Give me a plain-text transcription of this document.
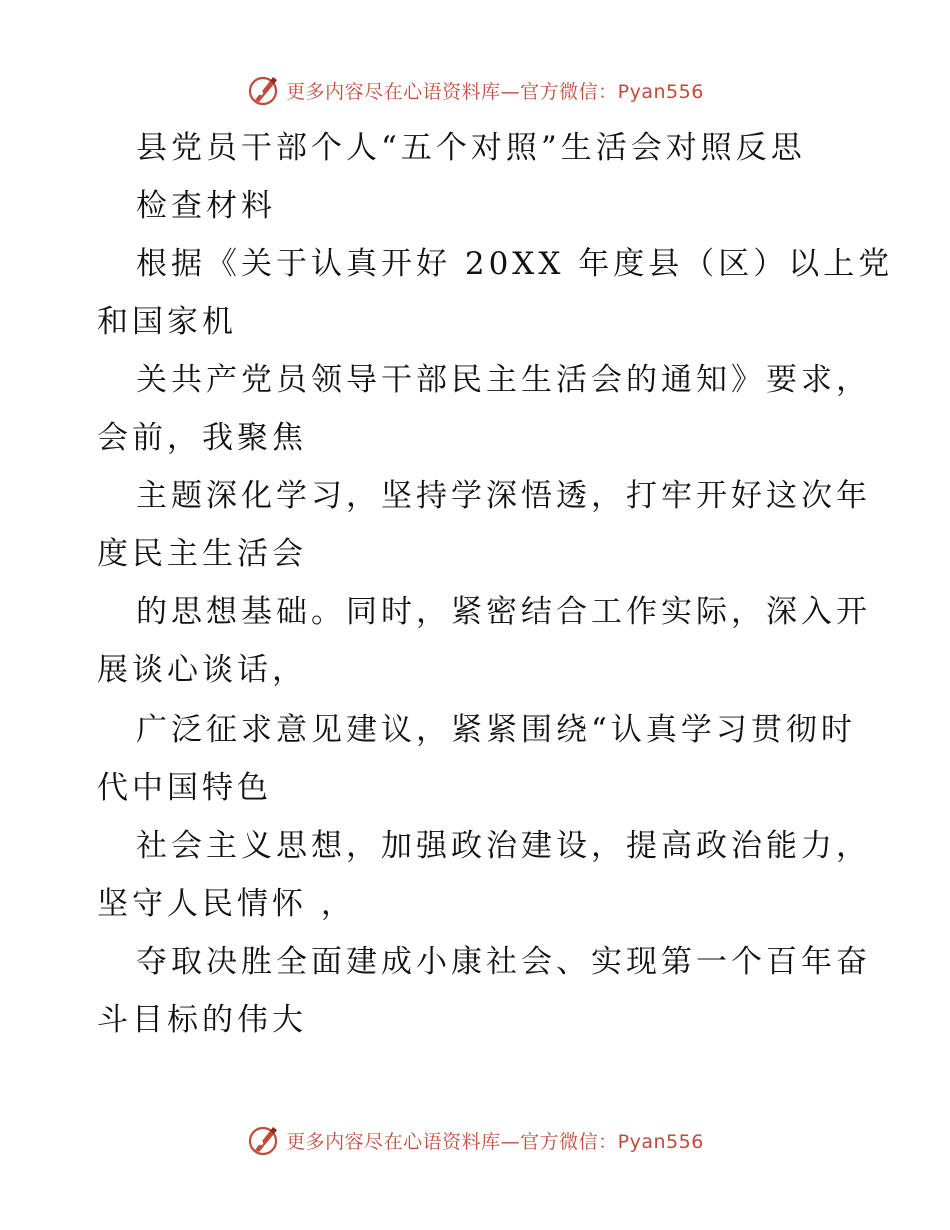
更多内容尽在心语资料库—官方微信：Pyan556
县党员干部个人“五个对照”生活会对照反思
检查材料
根据《关于认真开好 20XX 年度县（区）以上党
和国家机
关共产党员领导干部民主生活会的通知》要求，
会前，我聚焦
主题深化学习，坚持学深悟透，打牢开好这次年
度民主生活会
的思想基础。同时，紧密结合工作实际，深入开
展谈心谈话，
广泛征求意见建议，紧紧围绕“认真学习贯彻时
代中国特色
社会主义思想，加强政治建设，提高政治能力，
坚守人民情怀 ，
夺取决胜全面建成小康社会、实现第一个百年奋
斗目标的伟大
更多内容尽在心语资料库—官方微信：Pyan556
